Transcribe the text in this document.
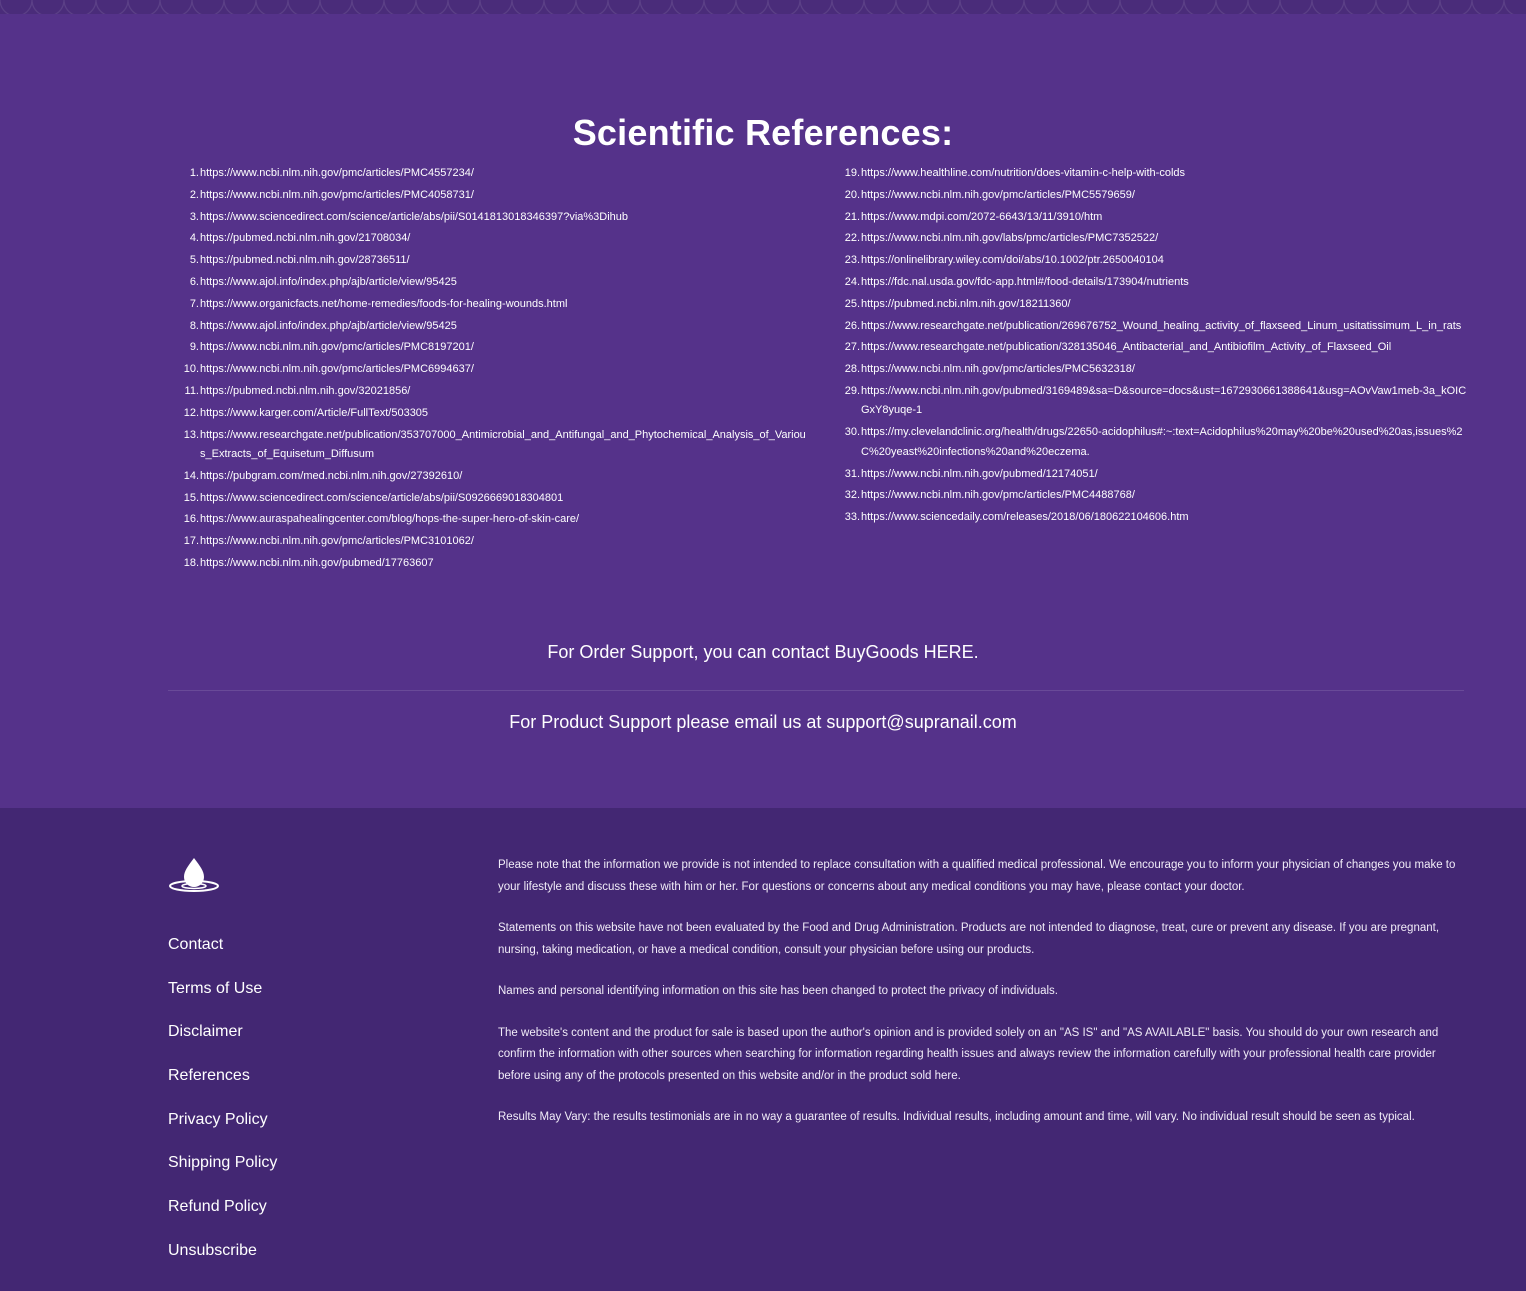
Scientific References:
1. https://www.ncbi.nlm.nih.gov/pmc/articles/PMC4557234/
2. https://www.ncbi.nlm.nih.gov/pmc/articles/PMC4058731/
3. https://www.sciencedirect.com/science/article/abs/pii/S0141813018346397?via%3Dihub
4. https://pubmed.ncbi.nlm.nih.gov/21708034/
5. https://pubmed.ncbi.nlm.nih.gov/28736511/
6. https://www.ajol.info/index.php/ajb/article/view/95425
7. https://www.organicfacts.net/home-remedies/foods-for-healing-wounds.html
8. https://www.ajol.info/index.php/ajb/article/view/95425
9. https://www.ncbi.nlm.nih.gov/pmc/articles/PMC8197201/
10. https://www.ncbi.nlm.nih.gov/pmc/articles/PMC6994637/
11. https://pubmed.ncbi.nlm.nih.gov/32021856/
12. https://www.karger.com/Article/FullText/503305
13. https://www.researchgate.net/publication/353707000_Antimicrobial_and_Antifungal_and_Phytochemical_Analysis_of_Various_Extracts_of_Equisetum_Diffusum
14. https://pubgram.com/med.ncbi.nlm.nih.gov/27392610/
15. https://www.sciencedirect.com/science/article/abs/pii/S0926669018304801
16. https://www.auraspahealingcenter.com/blog/hops-the-super-hero-of-skin-care/
17. https://www.ncbi.nlm.nih.gov/pmc/articles/PMC3101062/
18. https://www.ncbi.nlm.nih.gov/pubmed/17763607
19. https://www.healthline.com/nutrition/does-vitamin-c-help-with-colds
20. https://www.ncbi.nlm.nih.gov/pmc/articles/PMC5579659/
21. https://www.mdpi.com/2072-6643/13/11/3910/htm
22. https://www.ncbi.nlm.nih.gov/labs/pmc/articles/PMC7352522/
23. https://onlinelibrary.wiley.com/doi/abs/10.1002/ptr.2650040104
24. https://fdc.nal.usda.gov/fdc-app.html#/food-details/173904/nutrients
25. https://pubmed.ncbi.nlm.nih.gov/18211360/
26. https://www.researchgate.net/publication/269676752_Wound_healing_activity_of_flaxseed_Linum_usitatissimum_L_in_rats
27. https://www.researchgate.net/publication/328135046_Antibacterial_and_Antibiofilm_Activity_of_Flaxseed_Oil
28. https://www.ncbi.nlm.nih.gov/pmc/articles/PMC5632318/
29. https://www.ncbi.nlm.nih.gov/pubmed/3169489&sa=D&source=docs&ust=1672930661388641&usg=AOvVaw1meb-3a_kOICGxY8yuqe-1
30. https://my.clevelandclinic.org/health/drugs/22650-acidophilus#:~:text=Acidophilus%20may%20be%20used%20as,issues%2C%20yeast%20infections%20and%20eczema.
31. https://www.ncbi.nlm.nih.gov/pubmed/12174051/
32. https://www.ncbi.nlm.nih.gov/pmc/articles/PMC4488768/
33. https://www.sciencedaily.com/releases/2018/06/180622104606.htm
For Order Support, you can contact BuyGoods HERE.
For Product Support please email us at support@supranail.com
Contact
Terms of Use
Disclaimer
References
Privacy Policy
Shipping Policy
Refund Policy
Unsubscribe

Please note that the information we provide is not intended to replace consultation with a qualified medical professional. We encourage you to inform your physician of changes you make to your lifestyle and discuss these with him or her. For questions or concerns about any medical conditions you may have, please contact your doctor.

Statements on this website have not been evaluated by the Food and Drug Administration. Products are not intended to diagnose, treat, cure or prevent any disease. If you are pregnant, nursing, taking medication, or have a medical condition, consult your physician before using our products.

Names and personal identifying information on this site has been changed to protect the privacy of individuals.

The website's content and the product for sale is based upon the author's opinion and is provided solely on an "AS IS" and "AS AVAILABLE" basis. You should do your own research and confirm the information with other sources when searching for information regarding health issues and always review the information carefully with your professional health care provider before using any of the protocols presented on this website and/or in the product sold here.

Results May Vary: the results testimonials are in no way a guarantee of results. Individual results, including amount and time, will vary. No individual result should be seen as typical.
